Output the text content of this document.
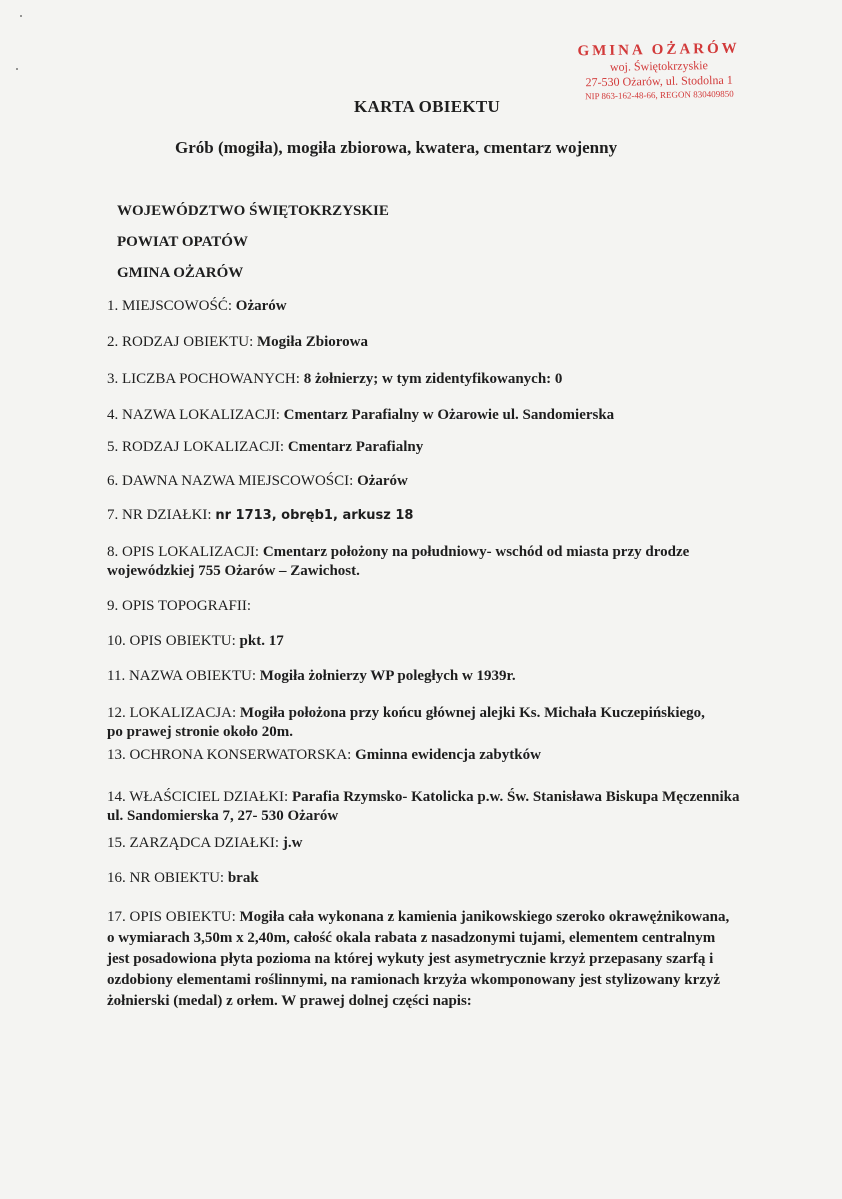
GMINA OŻARÓW
woj. Świętokrzyskie
27-530 Ożarów, ul. Stodolna 1
NIP 863-162-48-66, REGON 830409850
KARTA OBIEKTU
Grób (mogiła), mogiła zbiorowa, kwatera, cmentarz wojenny
WOJEWÓDZTWO ŚWIĘTOKRZYSKIE
POWIAT OPATÓW
GMINA OŻARÓW
1. MIEJSCOWOŚĆ: Ożarów
2. RODZAJ OBIEKTU: Mogiła Zbiorowa
3. LICZBA POCHOWANYCH: 8 żołnierzy; w tym zidentyfikowanych: 0
4. NAZWA LOKALIZACJI: Cmentarz Parafialny w Ożarowie ul. Sandomierska
5. RODZAJ LOKALIZACJI: Cmentarz Parafialny
6. DAWNA NAZWA MIEJSCOWOŚCI: Ożarów
7. NR DZIAŁKI: nr 1713, obręb1, arkusz 18
8. OPIS LOKALIZACJI: Cmentarz położony na południowy- wschód od miasta przy drodze wojewódzkiej 755 Ożarów – Zawichost.
9. OPIS TOPOGRAFII:
10. OPIS OBIEKTU: pkt. 17
11. NAZWA OBIEKTU: Mogiła żołnierzy WP poległych w 1939r.
12. LOKALIZACJA: Mogiła położona przy końcu głównej alejki Ks. Michała Kuczepińskiego, po prawej stronie około 20m.
13. OCHRONA KONSERWATORSKA: Gminna ewidencja zabytków
14. WŁAŚCICIEL DZIAŁKI: Parafia Rzymsko- Katolicka p.w. Św. Stanisława Biskupa Męczennika ul. Sandomierska 7, 27- 530 Ożarów
15. ZARZĄDCA DZIAŁKI: j.w
16. NR OBIEKTU: brak
17. OPIS OBIEKTU: Mogiła cała wykonana z kamienia janikowskiego szeroko okrawężnikowana, o wymiarach 3,50m x 2,40m, całość okala rabata z nasadzonymi tujami, elementem centralnym jest posadowiona płyta pozioma na której wykuty jest asymetrycznie krzyż przepasany szarfą i ozdobiony elementami roślinnymi, na ramionach krzyża wkomponowany jest stylizowany krzyż żołnierski (medal) z orłem. W prawej dolnej części napis:
